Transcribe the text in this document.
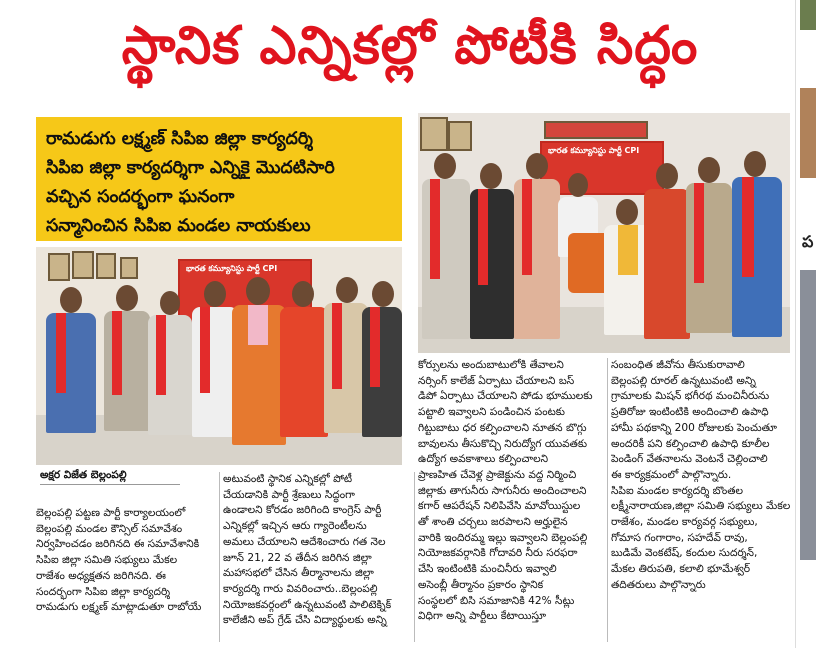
స్థానిక ఎన్నికల్లో పోటీకి సిద్ధం
ప
రామడుగు లక్ష్మణ్ సిపిఐ జిల్లా కార్యదర్శి
సిపిఐ జిల్లా కార్యదర్శిగా ఎన్నికై మొదటిసారి
వచ్చిన సందర్భంగా ఘనంగా
సన్మానించిన సిపిఐ మండల నాయకులు
భారత కమ్యూనిస్టు పార్టీ CPI
భారత కమ్యూనిస్టు పార్టీ CPI
అక్షర విజేత బెల్లంపల్లి
బెల్లంపల్లి పట్టణ పార్టీ కార్యాలయంలో
బెల్లంపల్లి మండల కౌన్సిల్ సమావేశం
నిర్వహించడం జరిగినది ఈ సమావేశానికి
సిపిఐ జిల్లా సమితి సభ్యులు మేకల
రాజేశం అధ్యక్షతన జరిగినది. ఈ
సందర్భంగా సిపిఐ జిల్లా కార్యదర్శి
రామడుగు లక్ష్మణ్ మాట్లాడుతూ రాబోయే
అటువంటి స్థానిక ఎన్నికల్లో పోటీ
చేయడానికి పార్టీ శ్రేణులు సిద్ధంగా
ఉండాలని కోరడం జరిగింది కాంగ్రెస్ పార్టీ
ఎన్నికల్లో ఇచ్చిన ఆరు గ్యారెంటీలను
అమలు చేయాలని ఆదేశించారు గత నెల
జూన్ 21, 22 వ తేదీన జరిగిన జిల్లా
మహాసభలో చేసిన తీర్మానాలను జిల్లా
కార్యదర్శి గారు వివరించారు..బెల్లంపల్లి
నియోజకవర్గంలో ఉన్నటువంటి పాలిటెక్నిక్
కాలేజీని అప్ గ్రేడ్ చేసి విద్యార్థులకు అన్ని
కోర్సులను అందుబాటులోకి తేవాలని
నర్సింగ్ కాలేజ్ ఏర్పాటు చేయాలని బస్
డిపో ఏర్పాటు చేయాలని పోడు భూములకు
పట్టాలి ఇవ్వాలని పండించిన పంటకు
గిట్టుబాటు ధర కల్పించాలని నూతన బొగ్గు
బావులను తీసుకొచ్చి నిరుద్యోగ యువతకు
ఉద్యోగ అవకాశాలు కల్పించాలని
ప్రాణహిత చేవెళ్ల ప్రాజెక్టును వద్ద నిర్మించి
జిల్లాకు తాగునీరు సాగునీరు అందించాలని
కగార్ ఆపరేషన్ నిలిపివేసి మావోయిస్టుల
తో శాంతి చర్చలు జరపాలని అర్హులైన
వారికి ఇందిరమ్మ ఇల్లు ఇవ్వాలని బెల్లంపల్లి
నియోజకవర్గానికి గోదావరి నీరు సరఫరా
చేసి ఇంటింటికి మంచినీరు ఇవ్వాలి
అసెంబ్లీ తీర్మానం ప్రకారం స్థానిక
సంస్థలలో బిసి సమాజానికి 42% సీట్లు
విధిగా అన్ని పార్టీలు కేటాయిస్తూ
సంబంధిత జీవోను తీసుకురావాలి
బెల్లంపల్లి రూరల్ ఉన్నటువంటి అన్ని
గ్రామాలకు మిషన్ భగీరథ మంచినీరును
ప్రతిరోజు ఇంటింటికి అందించాలి ఉపాధి
హామీ పథకాన్ని 200 రోజులకు పెంచుతూ
అందరికీ పని కల్పించాలి ఉపాధి కూలీల
పెండింగ్ వేతనాలను వెంటనే చెల్లించాలి
ఈ కార్యక్రమంలో పాల్గొన్నారు.
సిపిఐ మండల కార్యదర్శి బొంతల
లక్ష్మీనారాయణ,జిల్లా సమితి సభ్యులు మేకల
రాజేశం, మండల కార్యవర్గ సభ్యులు,
గోమాస గంగారాం, సహదేవ్ రావు,
బుడిమే వెంకటేష్, కందుల సుదర్శన్,
మేకల తిరుపతి, కలాలి భూమేశ్వర్
తదితరులు పాల్గొన్నారు
